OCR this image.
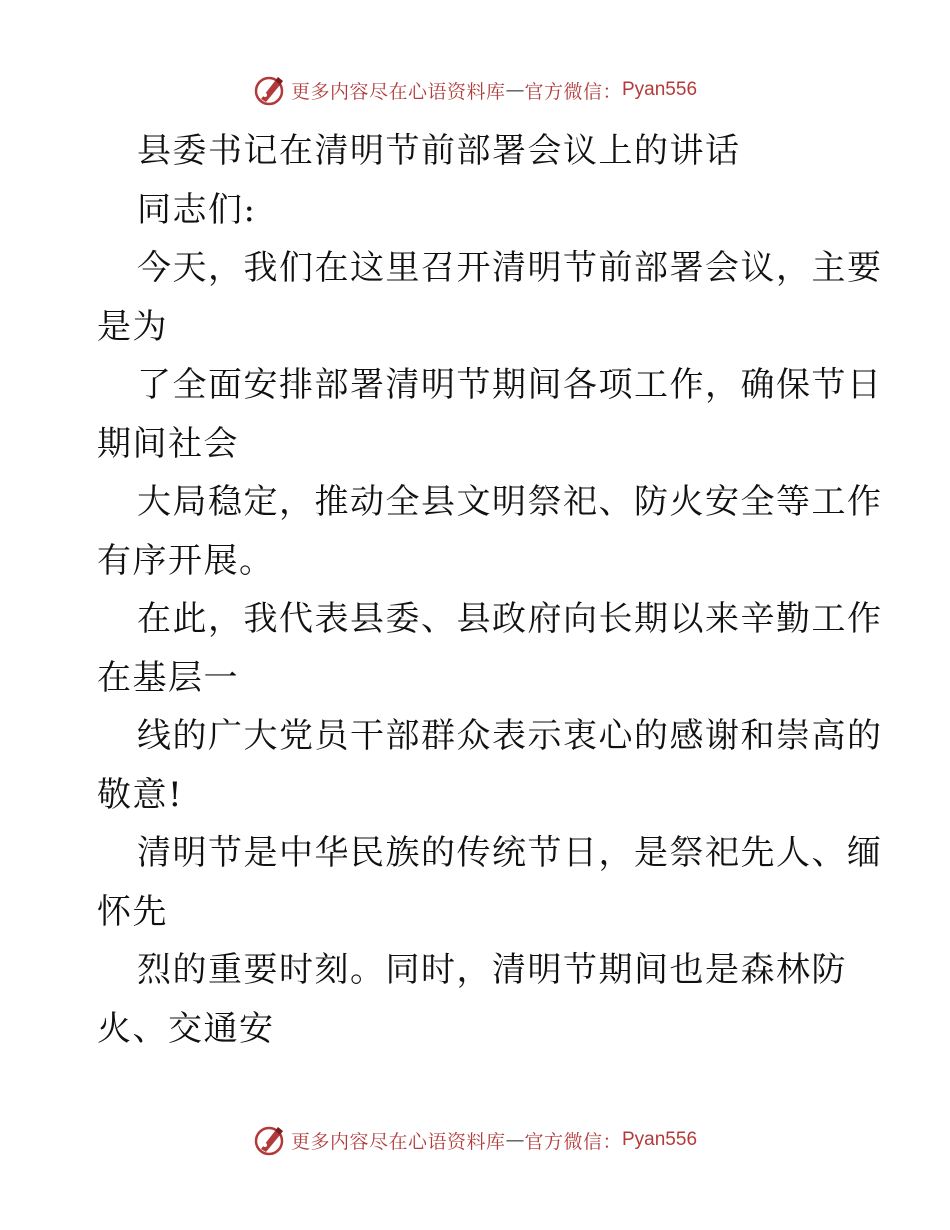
更多内容尽在心语资料库 — 官方微信： Pyan556
县委书记在清明节前部署会议上的讲话
同志们:
今天，我们在这里召开清明节前部署会议，主要
是为
了全面安排部署清明节期间各项工作，确保节日
期间社会
大局稳定，推动全县文明祭祀、防火安全等工作
有序开展。
在此，我代表县委、县政府向长期以来辛勤工作
在基层一
线的广大党员干部群众表示衷心的感谢和崇高的
敬意!
清明节是中华民族的传统节日，是祭祀先人、缅
怀先
烈的重要时刻。同时，清明节期间也是森林防
火、交通安
更多内容尽在心语资料库 — 官方微信： Pyan556
